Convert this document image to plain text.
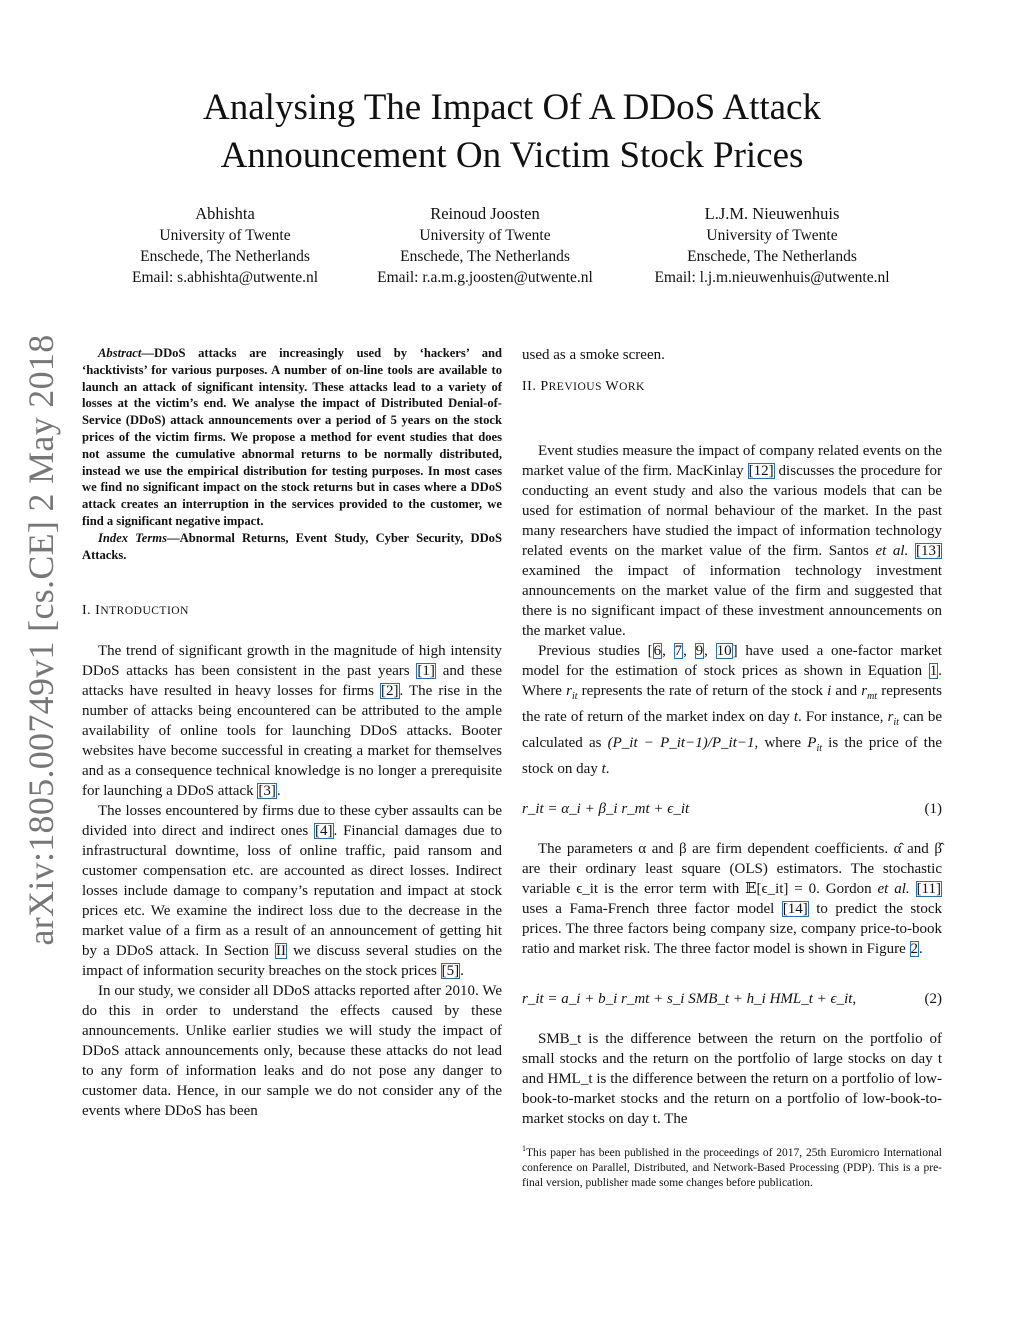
arXiv:1805.00749v1 [cs.CE] 2 May 2018
Analysing The Impact Of A DDoS Attack
Announcement On Victim Stock Prices
Abhishta
University of Twente
Enschede, The Netherlands
Email: s.abhishta@utwente.nl
Reinoud Joosten
University of Twente
Enschede, The Netherlands
Email: r.a.m.g.joosten@utwente.nl
L.J.M. Nieuwenhuis
University of Twente
Enschede, The Netherlands
Email: l.j.m.nieuwenhuis@utwente.nl

Abstract—DDoS attacks are increasingly used by ‘hackers’ and ‘hacktivists’ for various purposes. A number of on-line tools are available to launch an attack of significant intensity. These attacks lead to a variety of losses at the victim’s end. We analyse the impact of Distributed Denial-of-Service (DDoS) attack announcements over a period of 5 years on the stock prices of the victim firms. We propose a method for event studies that does not assume the cumulative abnormal returns to be normally distributed, instead we use the empirical distribution for testing purposes. In most cases we find no significant impact on the stock returns but in cases where a DDoS attack creates an interruption in the services provided to the customer, we find a significant negative impact.

Index Terms—Abnormal Returns, Event Study, Cyber Security, DDoS Attacks.

I. INTRODUCTION

The trend of significant growth in the magnitude of high intensity DDoS attacks has been consistent in the past years [1] and these attacks have resulted in heavy losses for firms [2]. The rise in the number of attacks being encountered can be attributed to the ample availability of online tools for launching DDoS attacks. Booter websites have become successful in creating a market for themselves and as a consequence technical knowledge is no longer a prerequisite for launching a DDoS attack [3].

The losses encountered by firms due to these cyber assaults can be divided into direct and indirect ones [4]. Financial damages due to infrastructural downtime, loss of online traffic, paid ransom and customer compensation etc. are accounted as direct losses. Indirect losses include damage to company’s reputation and impact at stock prices etc. We examine the indirect loss due to the decrease in the market value of a firm as a result of an announcement of getting hit by a DDoS attack. In Section II we discuss several studies on the impact of information security breaches on the stock prices [5].

In our study, we consider all DDoS attacks reported after 2010. We do this in order to understand the effects caused by these announcements. Unlike earlier studies we will study the impact of DDoS attack announcements only, because these attacks do not lead to any form of information leaks and do not pose any danger to customer data. Hence, in our sample we do not consider any of the events where DDoS has been

used as a smoke screen.

II. PREVIOUS WORK

Event studies measure the impact of company related events on the market value of the firm. MacKinlay [12] discusses the procedure for conducting an event study and also the various models that can be used for estimation of normal behaviour of the market. In the past many researchers have studied the impact of information technology related events on the market value of the firm. Santos et al. [13] examined the impact of information technology investment announcements on the market value of the firm and suggested that there is no significant impact of these investment announcements on the market value.

Previous studies [6, 7, 9, 10] have used a one-factor market model for the estimation of stock prices as shown in Equation 1. Where $r_{it}$ represents the rate of return of the stock i and $r_{mt}$ represents the rate of return of the market index on day t. For instance, $r_{it}$ can be calculated as (P_it − P_it−1)/P_it−1, where $P_{it}$ is the price of the stock on day t.

r_it = α_i + β_i r_mt + ϵ_it	(1)

The parameters α and β are firm dependent coefficients. α̂ and β̂ are their ordinary least square (OLS) estimators. The stochastic variable ϵ_it is the error term with 𝔼[ϵ_it] = 0. Gordon et al. [11] uses a Fama-French three factor model [14] to predict the stock prices. The three factors being company size, company price-to-book ratio and market risk. The three factor model is shown in Figure 2.

r_it = a_i + b_i r_mt + s_i SMB_t + h_i HML_t + ϵ_it,	(2)

SMB_t is the difference between the return on the portfolio of small stocks and the return on the portfolio of large stocks on day t and HML_t is the difference between the return on a portfolio of low-book-to-market stocks and the return on a portfolio of low-book-to-market stocks on day t. The

$^1$This paper has been published in the proceedings of 2017, 25th Euromicro International conference on Parallel, Distributed, and Network-Based Processing (PDP). This is a pre-final version, publisher made some changes before publication.
